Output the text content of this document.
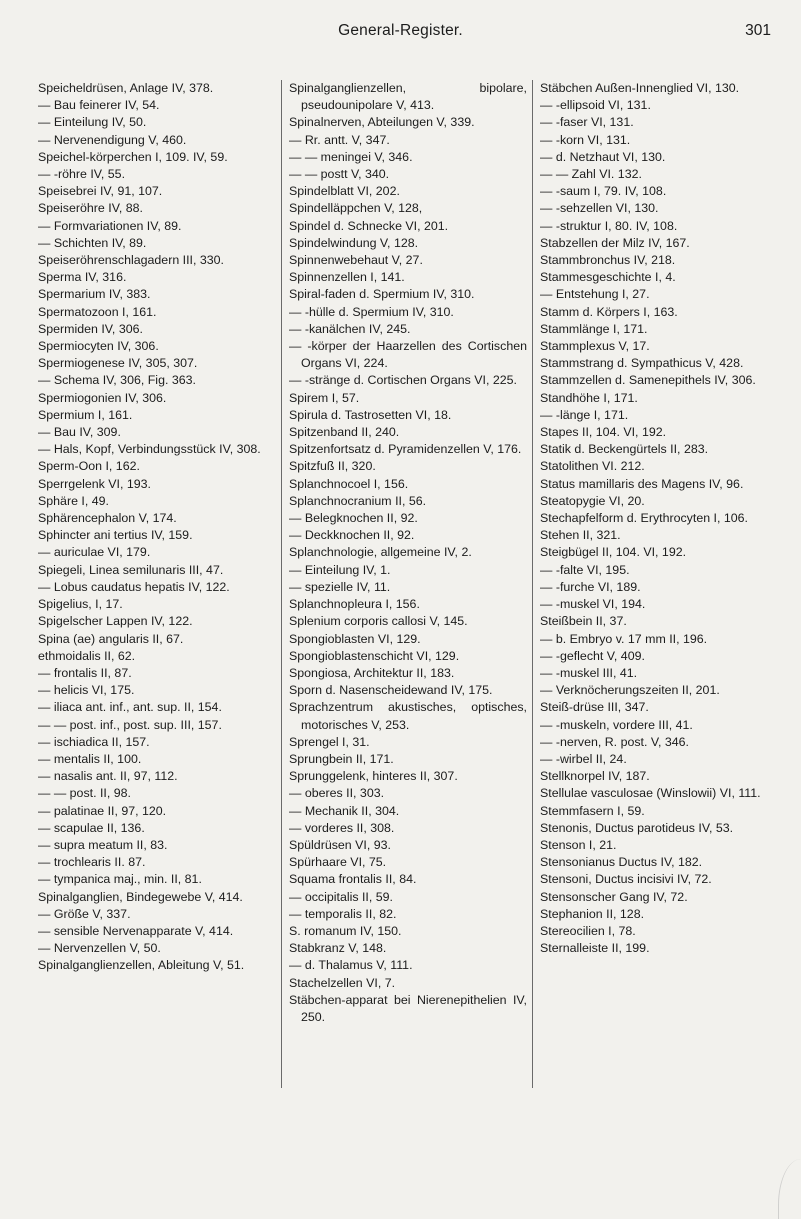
General-Register.	301
Speicheldrüsen, Anlage IV, 378.
— Bau feinerer IV, 54.
— Einteilung IV, 50.
— Nervenendigung V, 460.
Speichel-körperchen I, 109. IV, 59.
— -röhre IV, 55.
Speisebrei IV, 91, 107.
Speiseröhre IV, 88.
— Formvariationen IV, 89.
— Schichten IV, 89.
Speiseröhrenschlagadern III, 330.
Sperma IV, 316.
Spermarium IV, 383.
Spermatozoon I, 161.
Spermiden IV, 306.
Spermiocyten IV, 306.
Spermiogenese IV, 305, 307.
— Schema IV, 306, Fig. 363.
Spermiogonien IV, 306.
Spermium I, 161.
— Bau IV, 309.
— Hals, Kopf, Verbindungsstück IV, 308.
Sperm-Oon I, 162.
Sperrgelenk VI, 193.
Sphäre I, 49.
Sphärencephalon V, 174.
Sphincter ani tertius IV, 159.
— auriculae VI, 179.
Spiegeli, Linea semilunaris III, 47.
— Lobus caudatus hepatis IV, 122.
Spigelius, I, 17.
Spigelscher Lappen IV, 122.
Spina (ae) angularis II, 67.
ethmoidalis II, 62.
— frontalis II, 87.
— helicis VI, 175.
— iliaca ant. inf., ant. sup. II, 154.
— — post. inf., post. sup. III, 157.
— ischiadica II, 157.
— mentalis II, 100.
— nasalis ant. II, 97, 112.
— — post. II, 98.
— palatinae II, 97, 120.
— scapulae II, 136.
— supra meatum II, 83.
— trochlearis II. 87.
— tympanica maj., min. II, 81.
Spinalganglien, Bindegewebe V, 414.
— Größe V, 337.
— sensible Nervenapparate V, 414.
— Nervenzellen V, 50.
Spinalganglienzellen, Ableitung V, 51.
Spinalganglienzellen, bipolare, pseudounipolare V, 413.
Spinalnerven, Abteilungen V, 339.
— Rr. antt. V, 347.
— — meningei V, 346.
— — postt V, 340.
Spindelblatt VI, 202.
Spindelläppchen V, 128,
Spindel d. Schnecke VI, 201.
Spindelwindung V, 128.
Spinnenwebehaut V, 27.
Spinnenzellen I, 141.
Spiral-faden d. Spermium IV, 310.
— -hülle d. Spermium IV, 310.
— -kanälchen IV, 245.
— -körper der Haarzellen des Cortischen Organs VI, 224.
— -stränge d. Cortischen Organs VI, 225.
Spirem I, 57.
Spirula d. Tastrosetten VI, 18.
Spitzenband II, 240.
Spitzenfortsatz d. Pyramidenzellen V, 176.
Spitzfuß II, 320.
Splanchnocoel I, 156.
Splanchnocranium II, 56.
— Belegknochen II, 92.
— Deckknochen II, 92.
Splanchnologie, allgemeine IV, 2.
— Einteilung IV, 1.
— spezielle IV, 11.
Splanchnopleura I, 156.
Splenium corporis callosi V, 145.
Spongioblasten VI, 129.
Spongioblastenschicht VI, 129.
Spongiosa, Architektur II, 183.
Sporn d. Nasenscheidewand IV, 175.
Sprachzentrum akustisches, optisches, motorisches V, 253.
Sprengel I, 31.
Sprungbein II, 171.
Sprunggelenk, hinteres II, 307.
— oberes II, 303.
— Mechanik II, 304.
— vorderes II, 308.
Spüldrüsen VI, 93.
Spürhaare VI, 75.
Squama frontalis II, 84.
— occipitalis II, 59.
— temporalis II, 82.
S. romanum IV, 150.
Stabkranz V, 148.
— d. Thalamus V, 111.
Stachelzellen VI, 7.
Stäbchen-apparat bei Nierenepithelien IV, 250.
Stäbchen Außen-Innenglied VI, 130.
— -ellipsoid VI, 131.
— -faser VI, 131.
— -korn VI, 131.
— d. Netzhaut VI, 130.
— — Zahl VI. 132.
— -saum I, 79. IV, 108.
— -sehzellen VI, 130.
— -struktur I, 80. IV, 108.
Stabzellen der Milz IV, 167.
Stammbronchus IV, 218.
Stammesgeschichte I, 4.
— Entstehung I, 27.
Stamm d. Körpers I, 163.
Stammlänge I, 171.
Stammplexus V, 17.
Stammstrang d. Sympathicus V, 428.
Stammzellen d. Samenepithels IV, 306.
Standhöhe I, 171.
— -länge I, 171.
Stapes II, 104. VI, 192.
Statik d. Beckengürtels II, 283.
Statolithen VI. 212.
Status mamillaris des Magens IV, 96.
Steatopygie VI, 20.
Stechapfelform d. Erythrocyten I, 106.
Stehen II, 321.
Steigbügel II, 104. VI, 192.
— -falte VI, 195.
— -furche VI, 189.
— -muskel VI, 194.
Steißbein II, 37.
— b. Embryo v. 17 mm II, 196.
— -geflecht V, 409.
— -muskel III, 41.
— Verknöcherungszeiten II, 201.
Steiß-drüse III, 347.
— -muskeln, vordere III, 41.
— -nerven, R. post. V, 346.
— -wirbel II, 24.
Stellknorpel IV, 187.
Stellulae vasculosae (Winslowii) VI, 111.
Stemmfasern I, 59.
Stenonis, Ductus parotideus IV, 53.
Stenson I, 21.
Stensonianus Ductus IV, 182.
Stensoni, Ductus incisivi IV, 72.
Stensonscher Gang IV, 72.
Stephanion II, 128.
Stereocilien I, 78.
Sternalleiste II, 199.
